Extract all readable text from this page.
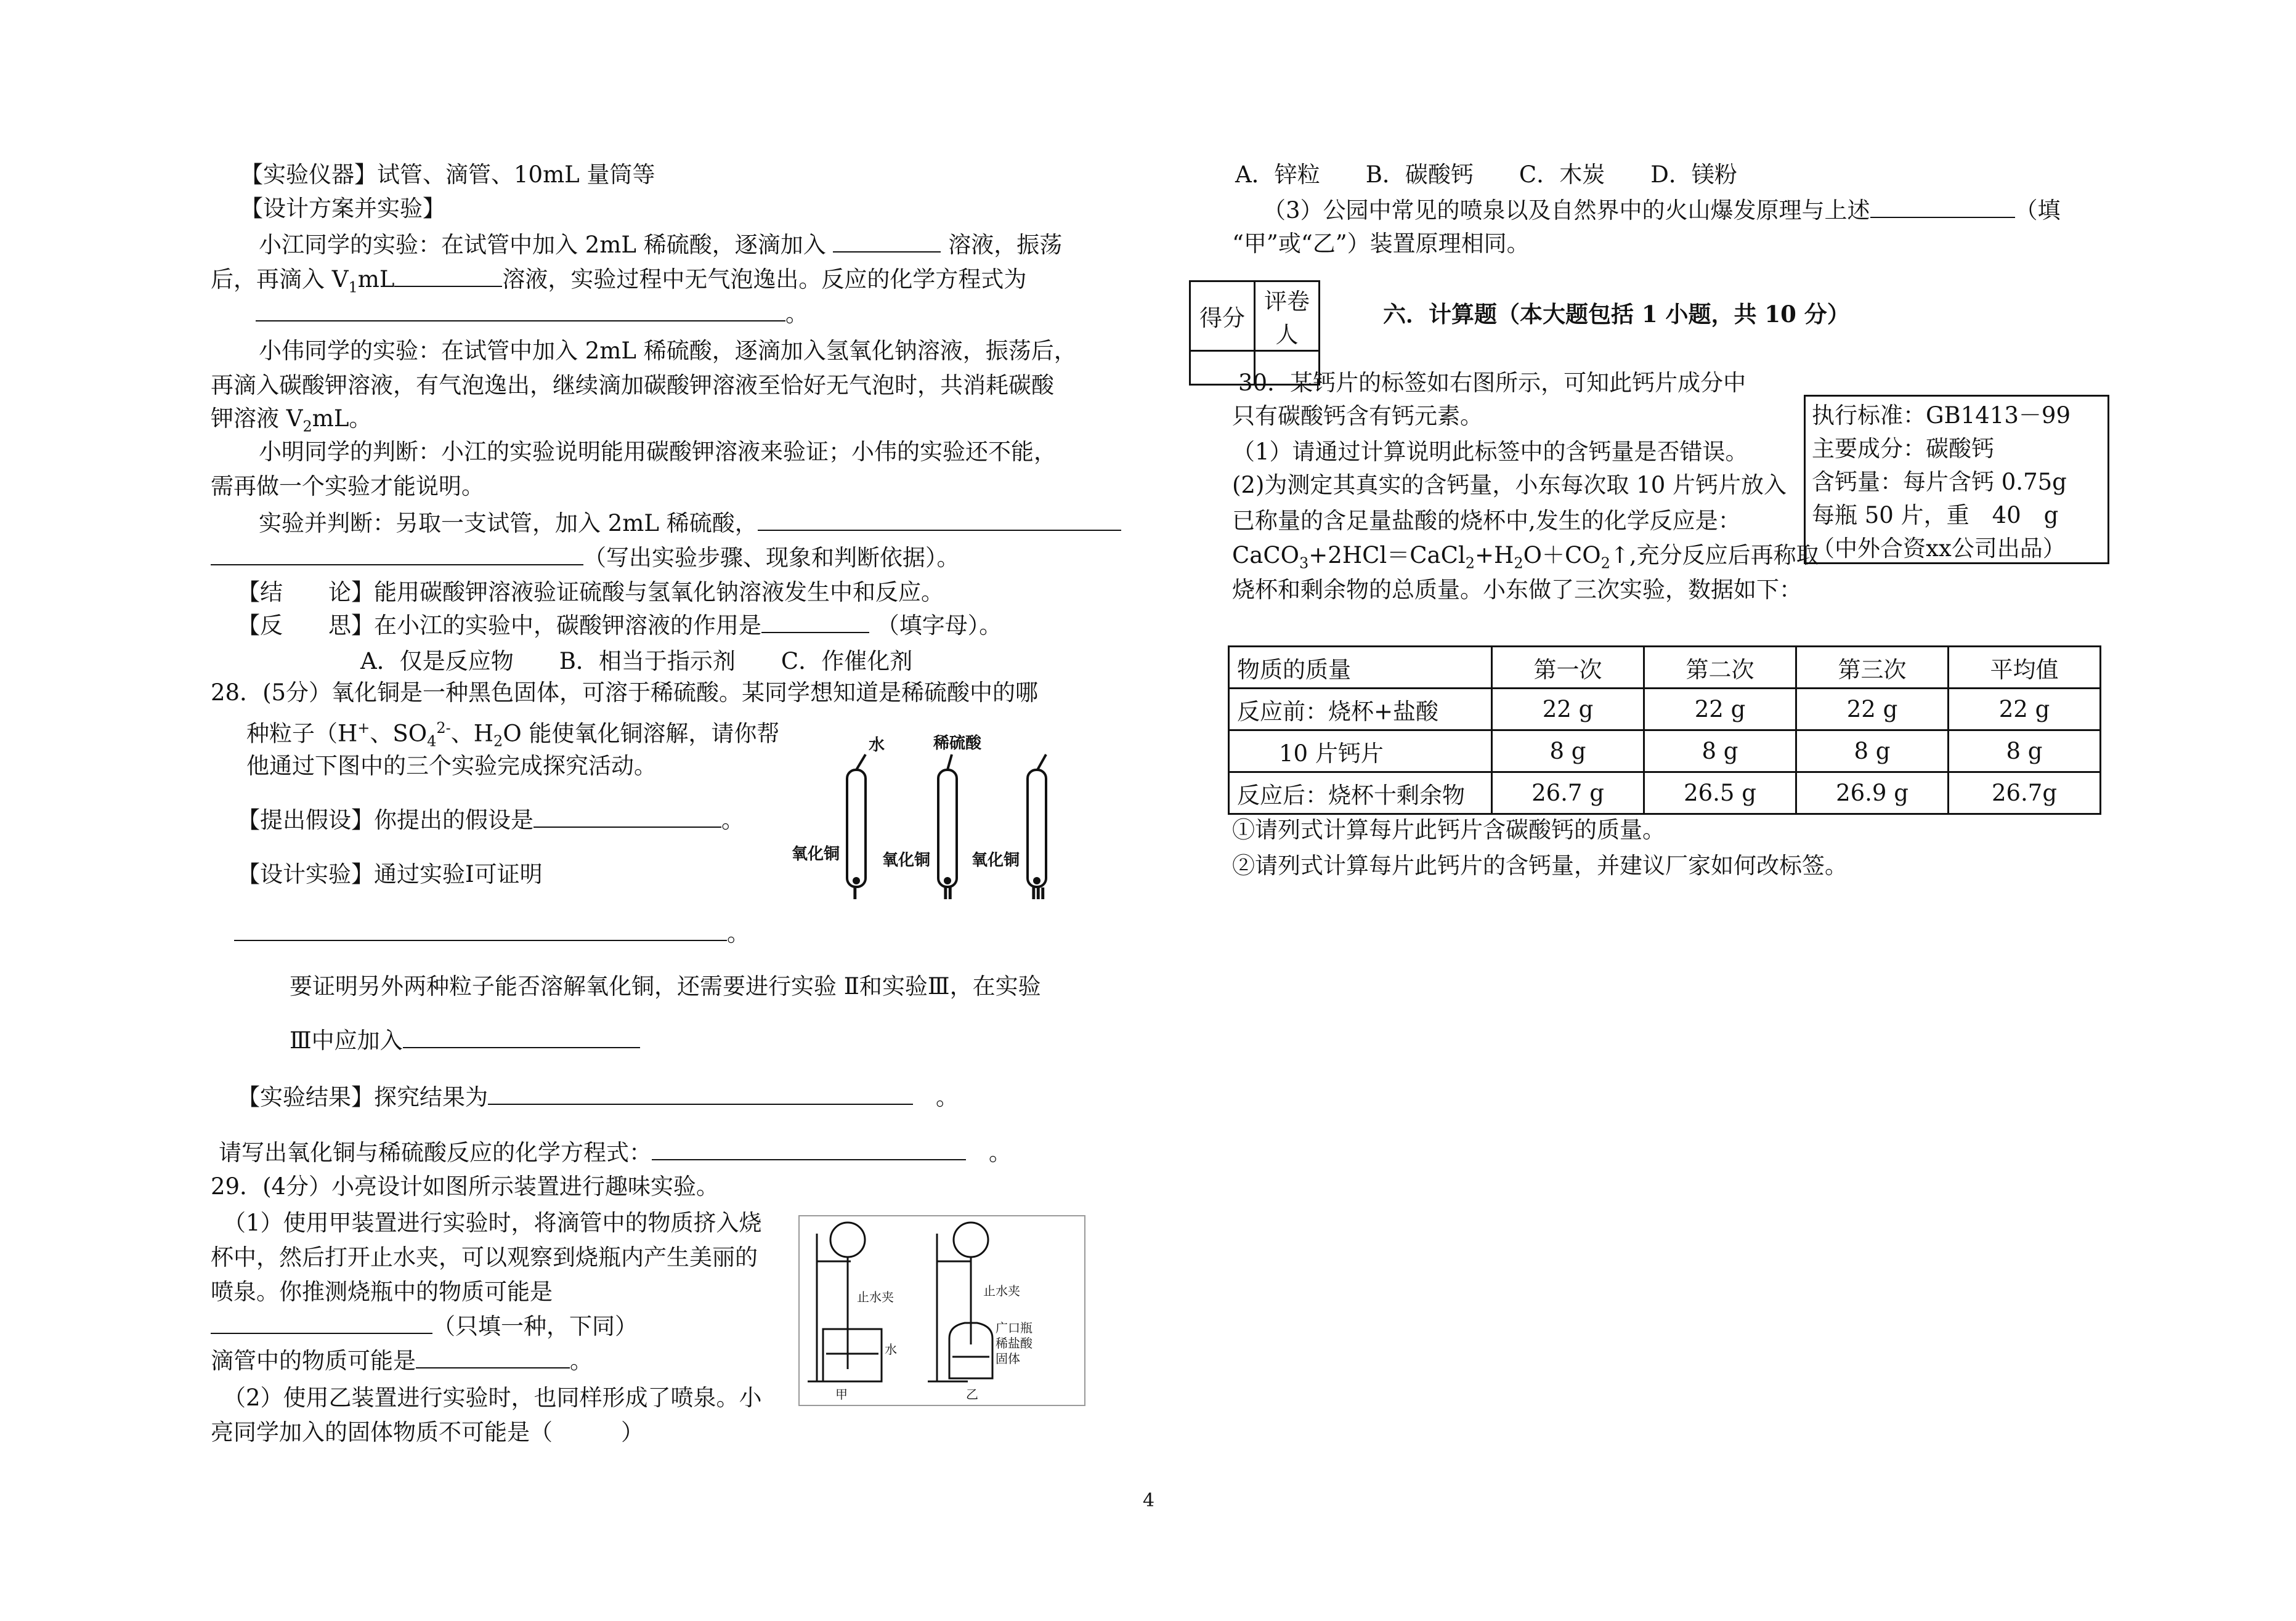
【实验仪器】试管、滴管、10mL 量筒等
【设计方案并实验】
小江同学的实验：在试管中加入 2mL 稀硫酸，逐滴加入	溶液，振荡
后，再滴入 $V_1mL$	溶液，实验过程中无气泡逸出。反应的化学方程式为
。
小伟同学的实验：在试管中加入 2mL 稀硫酸，逐滴加入氢氧化钠溶液，振荡后，
再滴入碳酸钾溶液，有气泡逸出，继续滴加碳酸钾溶液至恰好无气泡时，共消耗碳酸
钾溶液 $V_2mL$。
小明同学的判断：小江的实验说明能用碳酸钾溶液来验证；小伟的实验还不能，
需再做一个实验才能说明。
实验并判断：另取一支试管，加入 2mL 稀硫酸，
（写出实验步骤、现象和判断依据）。
【结　　论】能用碳酸钾溶液验证硫酸与氢氧化钠溶液发生中和反应。
【反　　思】在小江的实验中，碳酸钾溶液的作用是	（填字母）。
A．仅是反应物　　B．相当于指示剂　　C．作催化剂
28．(5分）氧化铜是一种黑色固体，可溶于稀硫酸。某同学想知道是稀硫酸中的哪
种粒子（H+、$SO_4^{2-}$、$H_2O$ 能使氧化铜溶解，请你帮
他通过下图中的三个实验完成探究活动。
【提出假设】你提出的假设是	。
【设计实验】通过实验Ⅰ可证明
。
要证明另外两种粒子能否溶解氧化铜，还需要进行实验 Ⅱ和实验Ⅲ，在实验
Ⅲ中应加入
【实验结果】探究结果为　	。
请写出氧化铜与稀硫酸反应的化学方程式：　	。
29．(4分）小亮设计如图所示装置进行趣味实验。
（1）使用甲装置进行实验时，将滴管中的物质挤入烧
杯中，然后打开止水夹，可以观察到烧瓶内产生美丽的
喷泉。你推测烧瓶中的物质可能是
（只填一种，下同）
滴管中的物质可能是	。
（2）使用乙装置进行实验时，也同样形成了喷泉。小
亮同学加入的固体物质不可能是（　　　）
水	稀硫酸
氧化铜	氧化铜	氧化铜
Ⅰ	Ⅱ	Ⅲ
止水夹
水
甲
止水夹
广口瓶
稀盐酸
固体
乙
A．锌粒　　B．碳酸钙　　C．木炭　　D．镁粉
（3）公园中常见的喷泉以及自然界中的火山爆发原理与上述	（填
“甲”或“乙”）装置原理相同。
得分	评卷人

六．计算题（本大题包括 1 小题，共 10 分）
30．某钙片的标签如右图所示，可知此钙片成分中
只有碳酸钙含有钙元素。
（1）请通过计算说明此标签中的含钙量是否错误。
(2)为测定其真实的含钙量，小东每次取 10 片钙片放入
已称量的含足量盐酸的烧杯中,发生的化学反应是：
$CaCO_3+2HCl=CaCl_2+H_2O+CO_2↑$,充分反应后再称取
烧杯和剩余物的总质量。小东做了三次实验，数据如下：
执行标准：GB1413－99
主要成分：碳酸钙
含钙量：每片含钙 0.75g
每瓶 50 片，重　40　g
（中外合资xx公司出品）
物质的质量	第一次	第二次	第三次	平均值
反应前：烧杯+盐酸	22 g	22 g	22 g	22 g
10 片钙片	8 g	8 g	8 g	8 g
反应后：烧杯十剩余物	26.7 g	26.5 g	26.9 g	26.7g
①请列式计算每片此钙片含碳酸钙的质量。
②请列式计算每片此钙片的含钙量，并建议厂家如何改标签。
4
